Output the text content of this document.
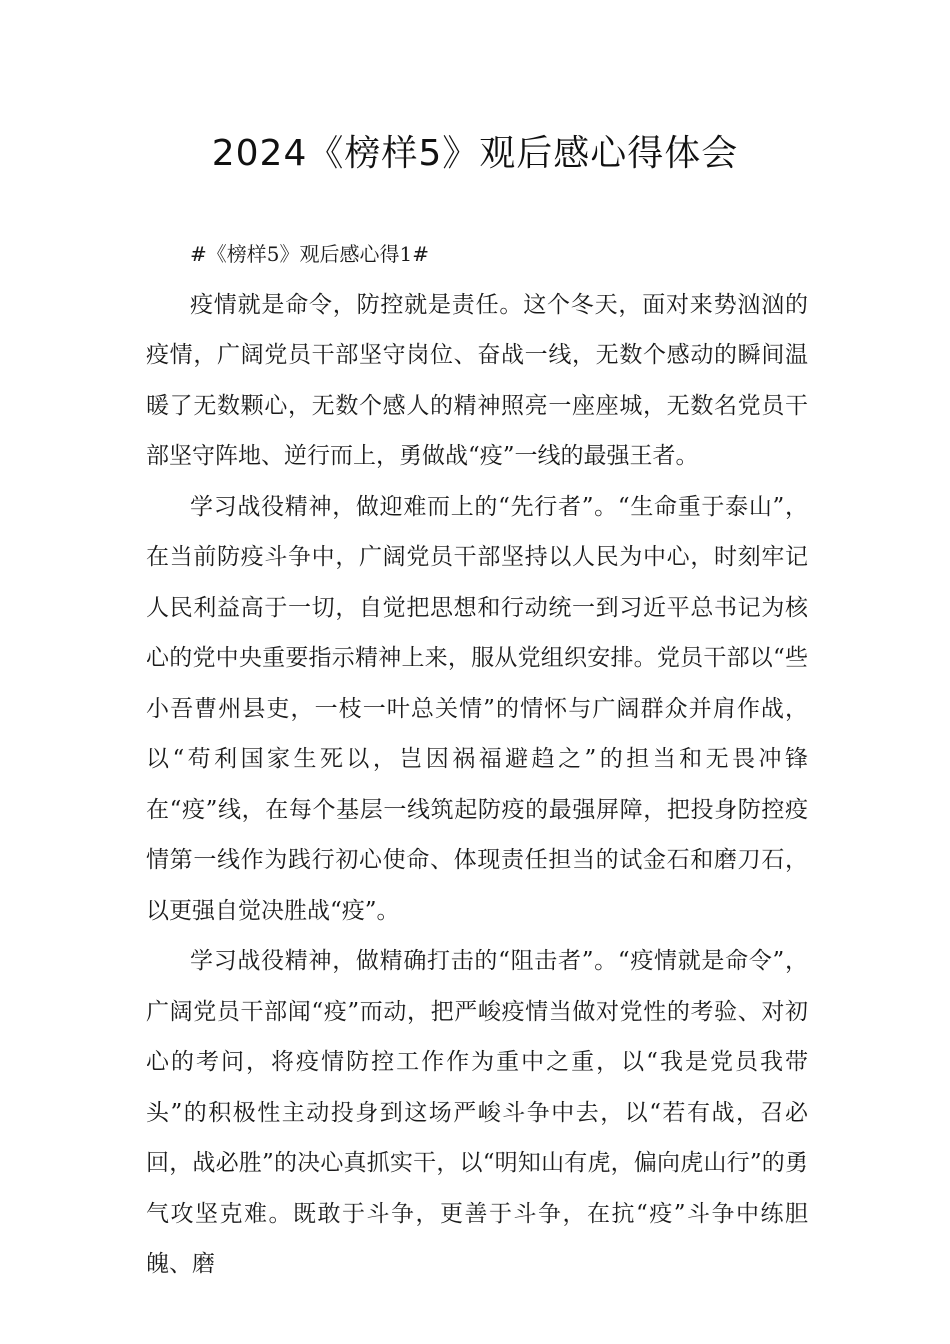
2024《榜样5》观后感心得体会

#《榜样5》观后感心得1#

疫情就是命令，防控就是责任。这个冬天，面对来势汹汹的疫情，广阔党员干部坚守岗位、奋战一线，无数个感动的瞬间温暖了无数颗心，无数个感人的精神照亮一座座城，无数名党员干部坚守阵地、逆行而上，勇做战“疫”一线的最强王者。

学习战役精神，做迎难而上的“先行者”。“生命重于泰山”，在当前防疫斗争中，广阔党员干部坚持以人民为中心，时刻牢记人民利益高于一切，自觉把思想和行动统一到习近平总书记为核心的党中央重要指示精神上来，服从党组织安排。党员干部以“些小吾曹州县吏，一枝一叶总关情”的情怀与广阔群众并肩作战，以“苟利国家生死以，岂因祸福避趋之”的担当和无畏冲锋在“疫”线，在每个基层一线筑起防疫的最强屏障，把投身防控疫情第一线作为践行初心使命、体现责任担当的试金石和磨刀石，以更强自觉决胜战“疫”。

学习战役精神，做精确打击的“阻击者”。“疫情就是命令”，广阔党员干部闻“疫”而动，把严峻疫情当做对党性的考验、对初心的考问，将疫情防控工作作为重中之重，以“我是党员我带头”的积极性主动投身到这场严峻斗争中去，以“若有战，召必回，战必胜”的决心真抓实干，以“明知山有虎，偏向虎山行”的勇气攻坚克难。既敢于斗争，更善于斗争，在抗“疫”斗争中练胆魄、磨
